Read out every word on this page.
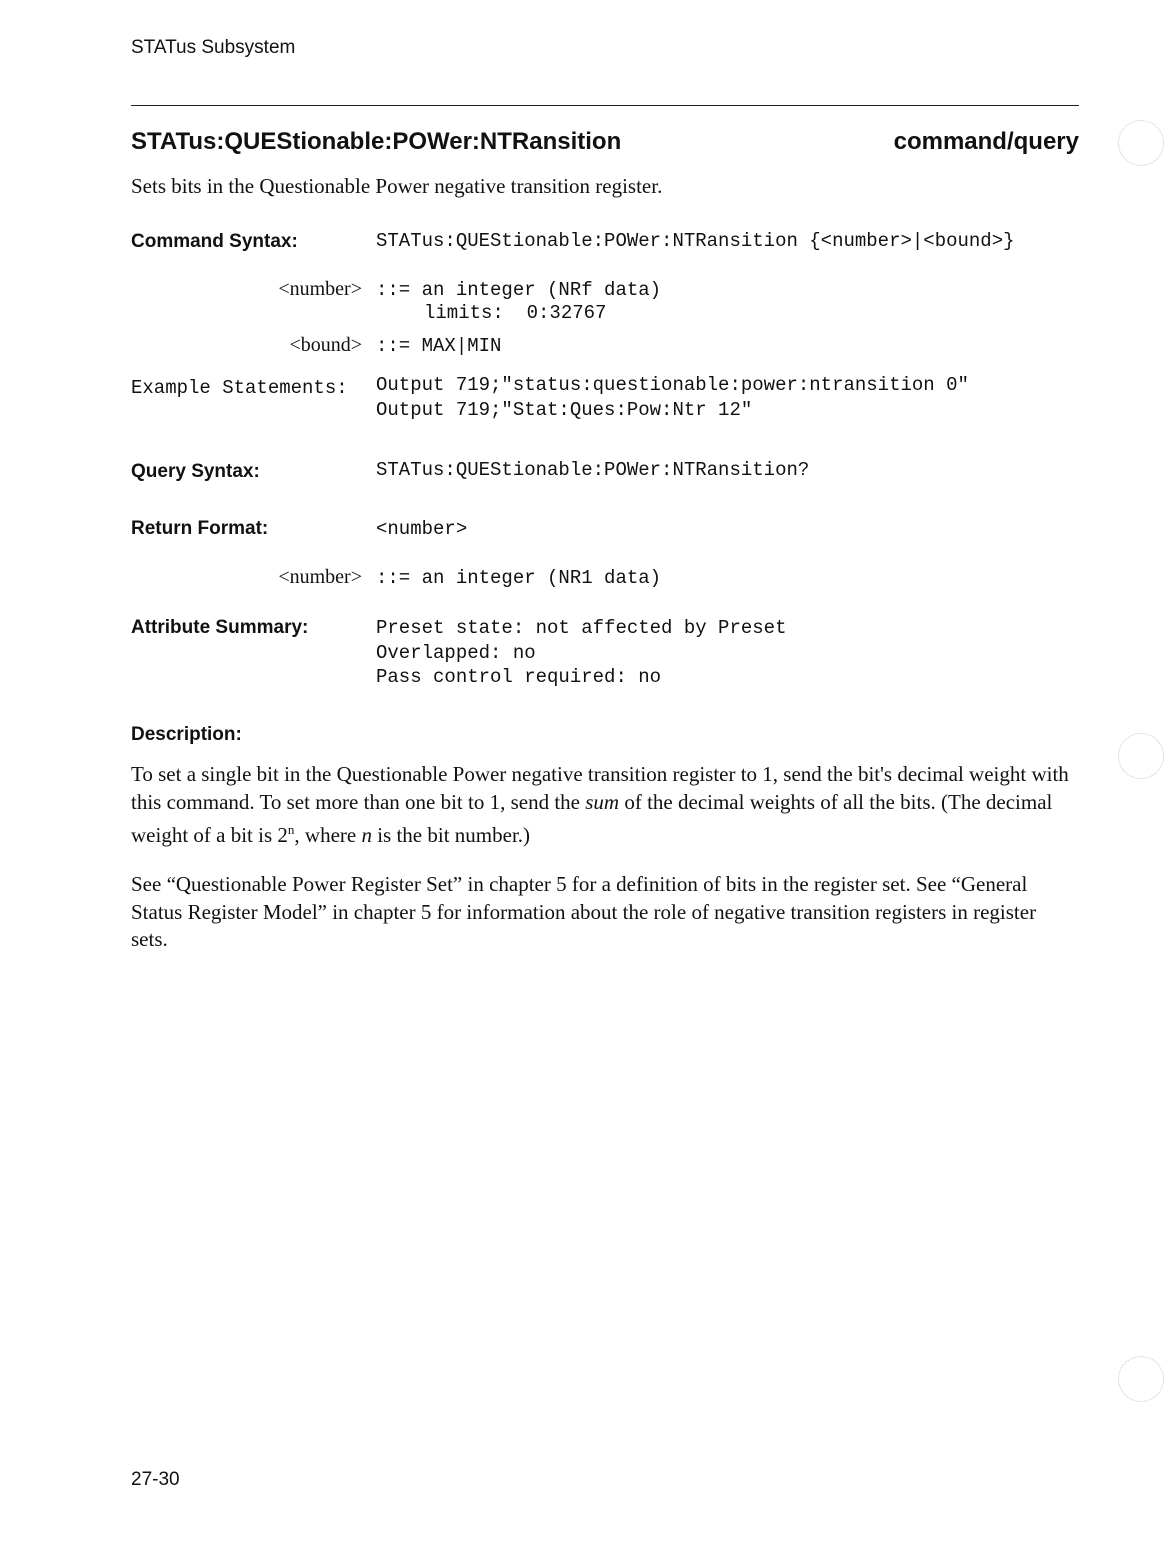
STATus Subsystem
STATus:QUEStionable:POWer:NTRansition	command/query
Sets bits in the Questionable Power negative transition register.
Command Syntax:	STATus:QUEStionable:POWer:NTRansition {<number>|<bound>}
<number> ::= an integer (NRf data)
limits:  0:32767
<bound> ::= MAX|MIN
Example Statements: Output 719;"status:questionable:power:ntransition 0"
Output 719;"Stat:Ques:Pow:Ntr 12"
Query Syntax:	STATus:QUEStionable:POWer:NTRansition?
Return Format:	<number>
<number> ::= an integer (NR1 data)
Attribute Summary:	Preset state: not affected by Preset
Overlapped: no
Pass control required: no
Description:
To set a single bit in the Questionable Power negative transition register to 1, send the bit's decimal weight with this command. To set more than one bit to 1, send the sum of the decimal weights of all the bits. (The decimal weight of a bit is 2$^n$, where n is the bit number.)
See “Questionable Power Register Set” in chapter 5 for a definition of bits in the register set. See “General Status Register Model” in chapter 5 for information about the role of negative transition registers in register sets.
27-30
